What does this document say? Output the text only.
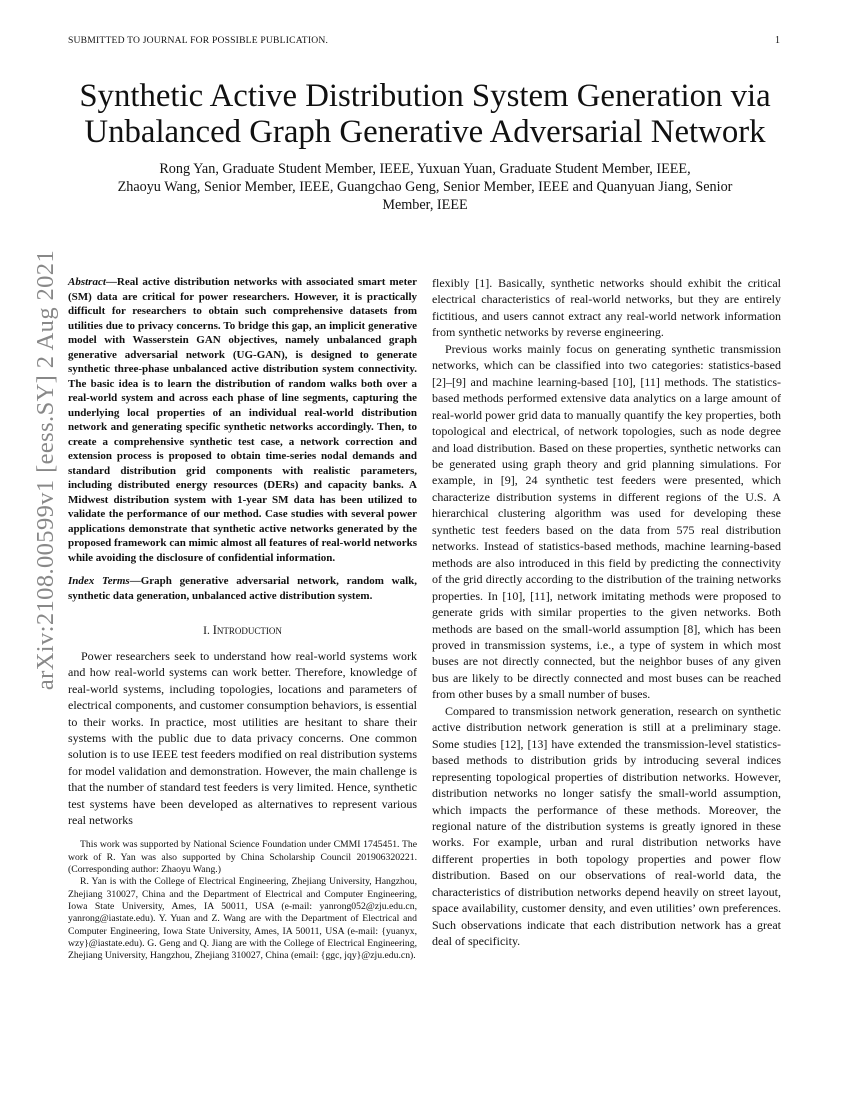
SUBMITTED TO JOURNAL FOR POSSIBLE PUBLICATION.	1
arXiv:2108.00599v1 [eess.SY] 2 Aug 2021
Synthetic Active Distribution System Generation via
Unbalanced Graph Generative Adversarial Network
Rong Yan, Graduate Student Member, IEEE, Yuxuan Yuan, Graduate Student Member, IEEE,
Zhaoyu Wang, Senior Member, IEEE, Guangchao Geng, Senior Member, IEEE and Quanyuan Jiang, Senior
Member, IEEE

Abstract—Real active distribution networks with associated smart meter (SM) data are critical for power researchers. However, it is practically difficult for researchers to obtain such comprehensive datasets from utilities due to privacy concerns. To bridge this gap, an implicit generative model with Wasserstein GAN objectives, namely unbalanced graph generative adversarial network (UG-GAN), is designed to generate synthetic three-phase unbalanced active distribution system connectivity. The basic idea is to learn the distribution of random walks both over a real-world system and across each phase of line segments, capturing the underlying local properties of an individual real-world distribution network and generating specific synthetic networks accordingly. Then, to create a comprehensive synthetic test case, a network correction and extension process is proposed to obtain time-series nodal demands and standard distribution grid components with realistic parameters, including distributed energy resources (DERs) and capacity banks. A Midwest distribution system with 1-year SM data has been utilized to validate the performance of our method. Case studies with several power applications demonstrate that synthetic active networks generated by the proposed framework can mimic almost all features of real-world networks while avoiding the disclosure of confidential information.

Index Terms—Graph generative adversarial network, random walk, synthetic data generation, unbalanced active distribution system.

I. Introduction

Power researchers seek to understand how real-world systems work and how real-world systems can work better. Therefore, knowledge of real-world systems, including topologies, locations and parameters of electrical components, and customer consumption behaviors, is essential to their works. In practice, most utilities are hesitant to share their systems with the public due to data privacy concerns. One common solution is to use IEEE test feeders modified on real distribution systems for model validation and demonstration. However, the main challenge is that the number of standard test feeders is very limited. Hence, synthetic test systems have been developed as alternatives to represent various real networks

This work was supported by National Science Foundation under CMMI 1745451. The work of R. Yan was also supported by China Scholarship Council 201906320221. (Corresponding author: Zhaoyu Wang.)

R. Yan is with the College of Electrical Engineering, Zhejiang University, Hangzhou, Zhejiang 310027, China and the Department of Electrical and Computer Engineering, Iowa State University, Ames, IA 50011, USA (e-mail: yanrong052@zju.edu.cn, yanrong@iastate.edu). Y. Yuan and Z. Wang are with the Department of Electrical and Computer Engineering, Iowa State University, Ames, IA 50011, USA (e-mail: {yuanyx, wzy}@iastate.edu). G. Geng and Q. Jiang are with the College of Electrical Engineering, Zhejiang University, Hangzhou, Zhejiang 310027, China (email: {ggc, jqy}@zju.edu.cn).

flexibly [1]. Basically, synthetic networks should exhibit the critical electrical characteristics of real-world networks, but they are entirely fictitious, and users cannot extract any real-world network information from synthetic networks by reverse engineering.

Previous works mainly focus on generating synthetic transmission networks, which can be classified into two categories: statistics-based [2]–[9] and machine learning-based [10], [11] methods. The statistics-based methods performed extensive data analytics on a large amount of real-world power grid data to manually quantify the key properties, both topological and electrical, of network topologies, such as node degree and load distribution. Based on these properties, synthetic networks can be generated using graph theory and grid planning simulations. For example, in [9], 24 synthetic test feeders were presented, which characterize distribution systems in different regions of the U.S. A hierarchical clustering algorithm was used for developing these synthetic test feeders based on the data from 575 real distribution networks. Instead of statistics-based methods, machine learning-based methods are also introduced in this field by predicting the connectivity of the grid directly according to the distribution of the training networks properties. In [10], [11], network imitating methods were proposed to generate grids with similar properties to the given networks. Both methods are based on the small-world assumption [8], which has been proved in transmission systems, i.e., a type of system in which most buses are not directly connected, but the neighbor buses of any given bus are likely to be directly connected and most buses can be reached from other buses by a small number of buses.

Compared to transmission network generation, research on synthetic active distribution network generation is still at a preliminary stage. Some studies [12], [13] have extended the transmission-level statistics-based methods to distribution grids by introducing several indices representing topological properties of distribution networks. However, distribution networks no longer satisfy the small-world assumption, which impacts the performance of these methods. Moreover, the regional nature of the distribution systems is greatly ignored in these works. For example, urban and rural distribution networks have different properties in both topology properties and power flow distribution. Based on our observations of real-world data, the characteristics of distribution networks depend heavily on street layout, space availability, customer density, and even utilities’ own preferences. Such observations indicate that each distribution network has a great deal of specificity.
